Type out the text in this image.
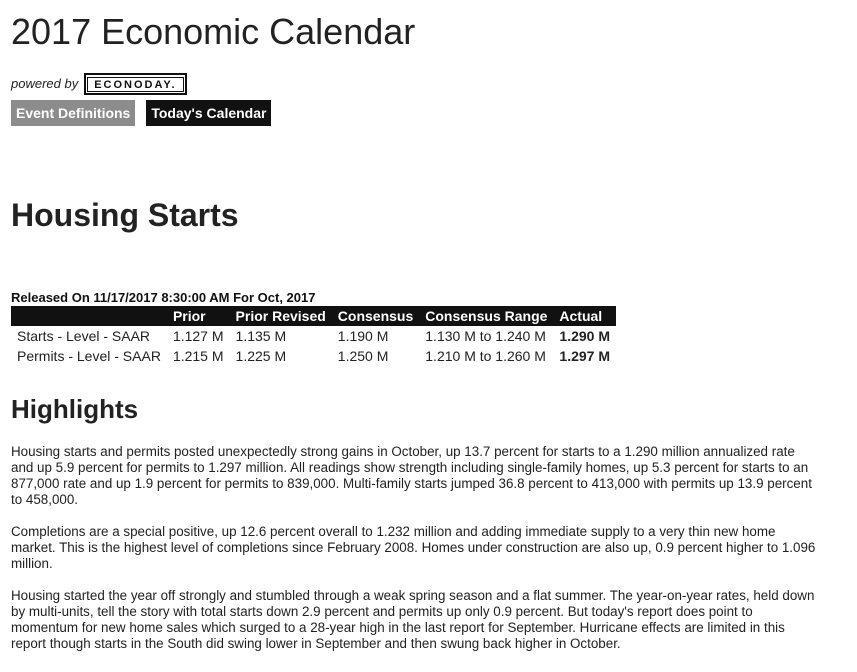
2017 Economic Calendar
powered by	ECONODAY.
Event Definitions	Today's Calendar
Housing Starts
Released On 11/17/2017 8:30:00 AM For Oct, 2017
	Prior	Prior Revised	Consensus	Consensus Range	Actual
Starts - Level - SAAR	1.127 M	1.135 M	1.190 M	1.130 M to 1.240 M	1.290 M
Permits - Level - SAAR	1.215 M	1.225 M	1.250 M	1.210 M to 1.260 M	1.297 M
Highlights

Housing starts and permits posted unexpectedly strong gains in October, up 13.7 percent for starts to a 1.290 million annualized rate and up 5.9 percent for permits to 1.297 million. All readings show strength including single-family homes, up 5.3 percent for starts to an 877,000 rate and up 1.9 percent for permits to 839,000. Multi-family starts jumped 36.8 percent to 413,000 with permits up 13.9 percent to 458,000.

Completions are a special positive, up 12.6 percent overall to 1.232 million and adding immediate supply to a very thin new home market. This is the highest level of completions since February 2008. Homes under construction are also up, 0.9 percent higher to 1.096 million.

Housing started the year off strongly and stumbled through a weak spring season and a flat summer. The year-on-year rates, held down by multi-units, tell the story with total starts down 2.9 percent and permits up only 0.9 percent. But today's report does point to momentum for new home sales which surged to a 28-year high in the last report for September. Hurricane effects are limited in this report though starts in the South did swing lower in September and then swung back higher in October.
